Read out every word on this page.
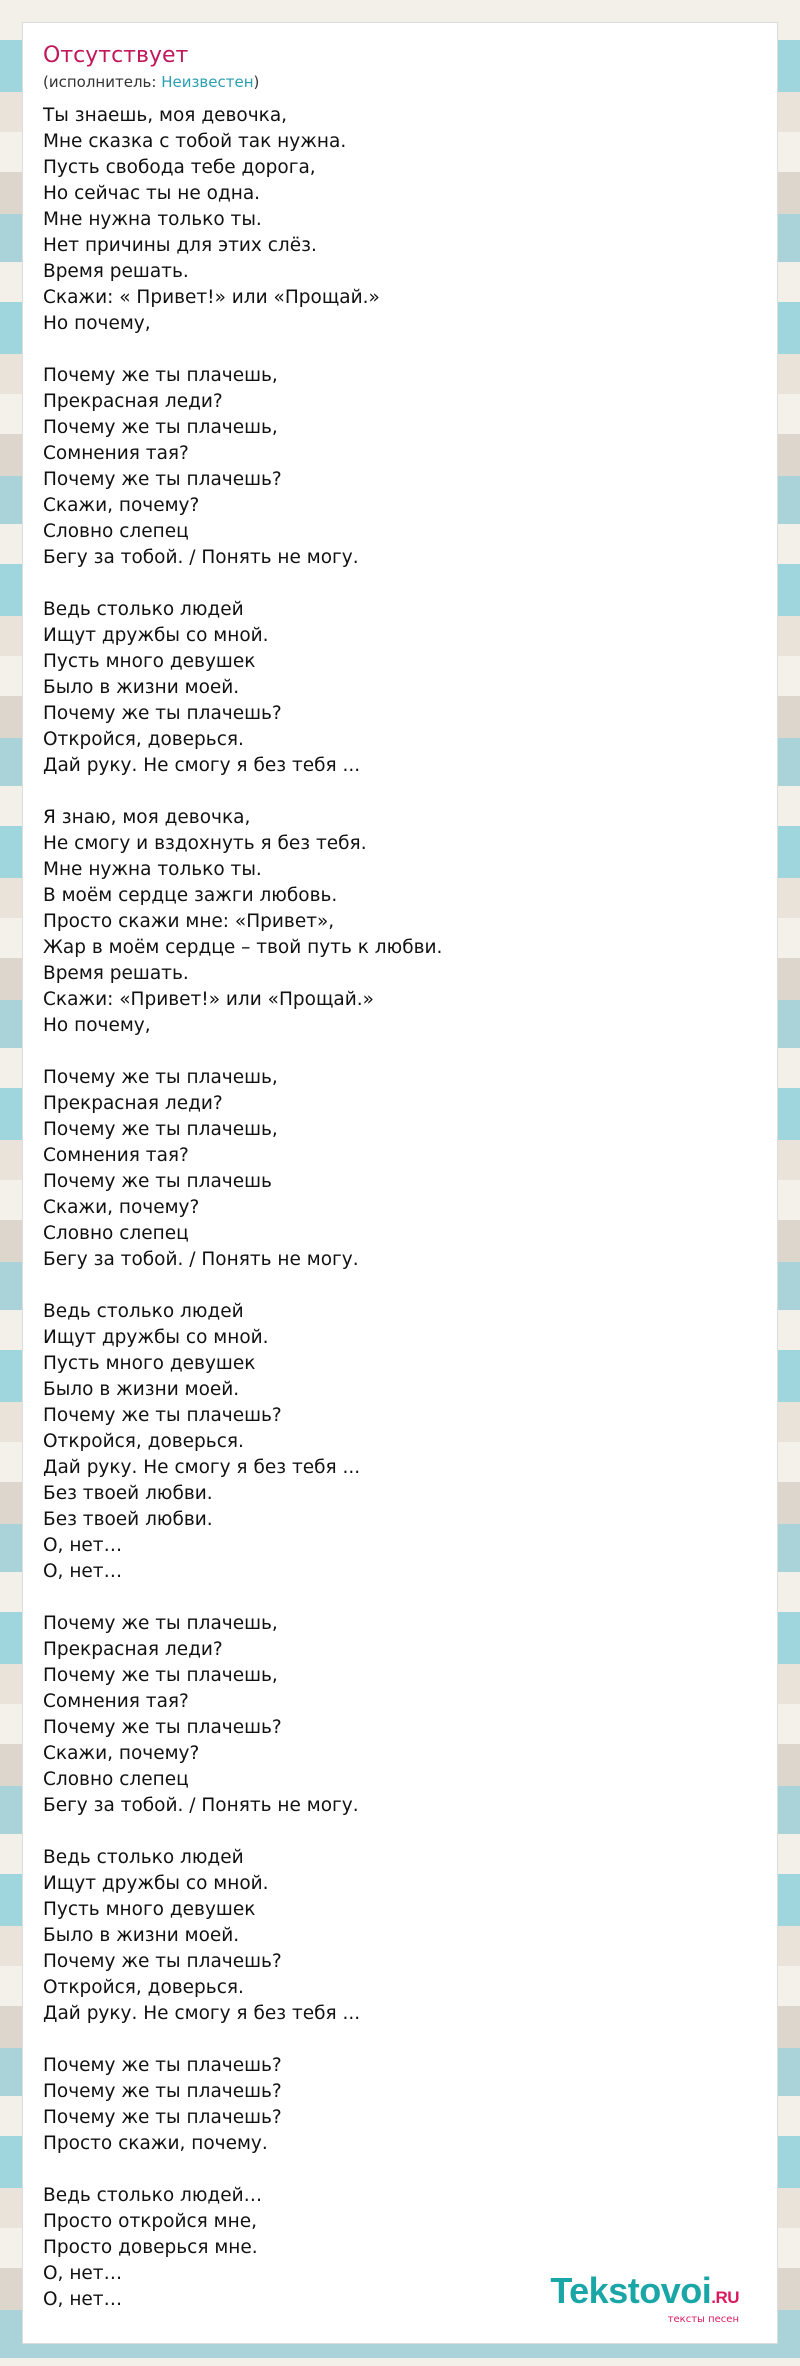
Отсутствует
(исполнитель: Неизвестен)
Ты знаешь, моя девочка,
Мне сказка с тобой так нужна.
Пусть свобода тебе дорога,
Но сейчас ты не одна.
Мне нужна только ты.
Нет причины для этих слёз.
Время решать.
Скажи: « Привет!» или «Прощай.»
Но почему,
Почему же ты плачешь,
Прекрасная леди?
Почему же ты плачешь,
Сомнения тая?
Почему же ты плачешь?
Скажи, почему?
Словно слепец
Бегу за тобой. / Понять не могу.
Ведь столько людей
Ищут дружбы со мной.
Пусть много девушек
Было в жизни моей.
Почему же ты плачешь?
Откройся, доверься.
Дай руку. Не смогу я без тебя ...
Я знаю, моя девочка,
Не смогу и вздохнуть я без тебя.
Мне нужна только ты.
В моём сердце зажги любовь.
Просто скажи мне: «Привет»,
Жар в моём сердце – твой путь к любви.
Время решать.
Скажи: «Привет!» или «Прощай.»
Но почему,
Почему же ты плачешь,
Прекрасная леди?
Почему же ты плачешь,
Сомнения тая?
Почему же ты плачешь
Скажи, почему?
Словно слепец
Бегу за тобой. / Понять не могу.
Ведь столько людей
Ищут дружбы со мной.
Пусть много девушек
Было в жизни моей.
Почему же ты плачешь?
Откройся, доверься.
Дай руку. Не смогу я без тебя ...
Без твоей любви.
Без твоей любви.
О, нет…
О, нет…
Почему же ты плачешь,
Прекрасная леди?
Почему же ты плачешь,
Сомнения тая?
Почему же ты плачешь?
Скажи, почему?
Словно слепец
Бегу за тобой. / Понять не могу.
Ведь столько людей
Ищут дружбы со мной.
Пусть много девушек
Было в жизни моей.
Почему же ты плачешь?
Откройся, доверься.
Дай руку. Не смогу я без тебя ...
Почему же ты плачешь?
Почему же ты плачешь?
Почему же ты плачешь?
Просто скажи, почему.
Ведь столько людей…
Просто откройся мне,
Просто доверься мне.
О, нет…
О, нет…	Tekstovoi.RU
тексты песен
